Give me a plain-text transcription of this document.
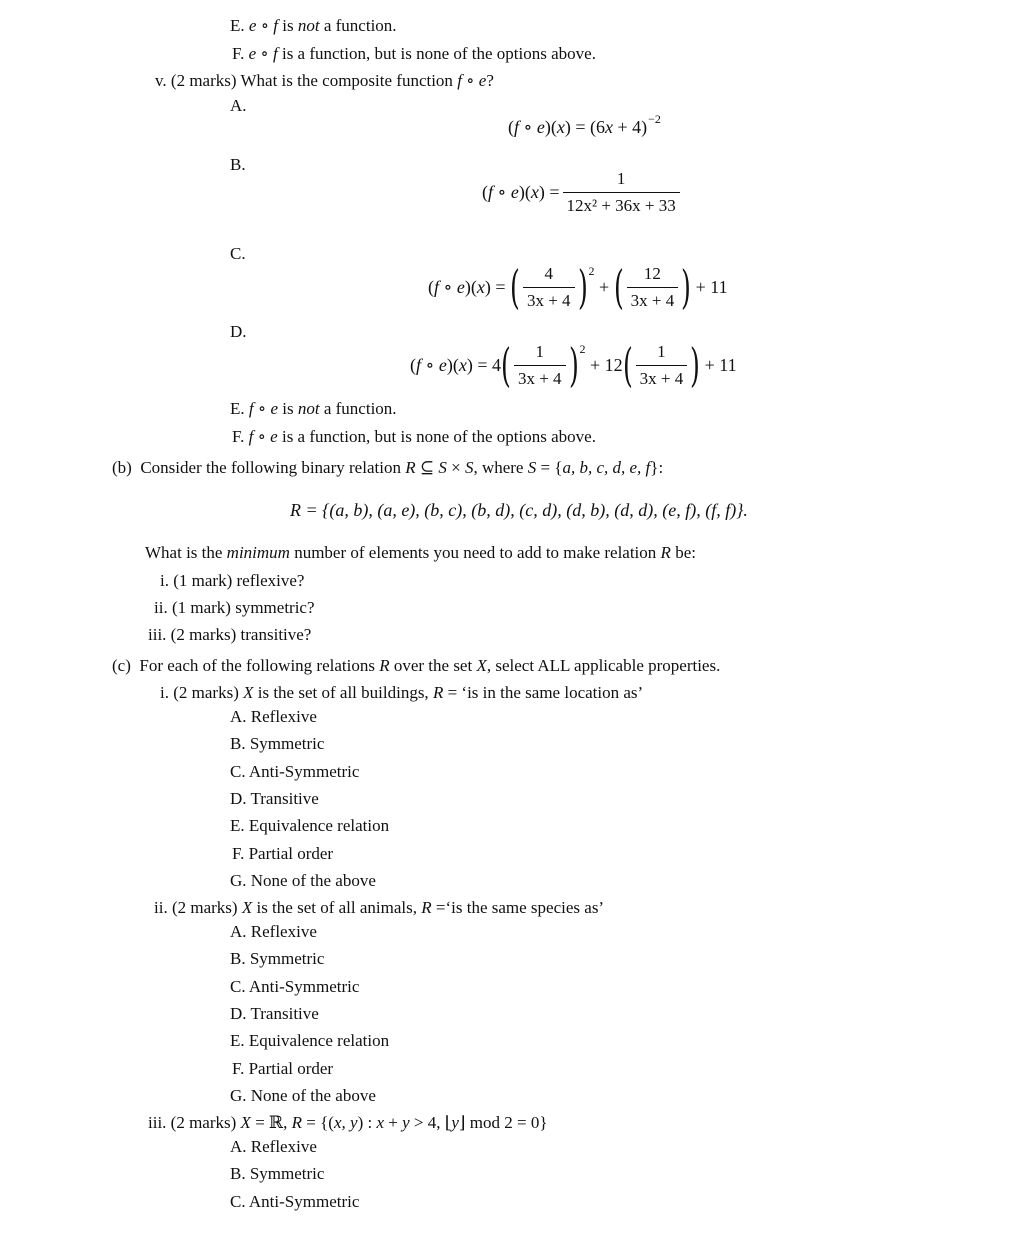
E. e ∘ f is not a function.
F. e ∘ f is a function, but is none of the options above.
v. (2 marks) What is the composite function f ∘ e?
A.
( f ∘ e )( x ) = (6 x + 4) −2
B.
( f ∘ e )( x ) = $\frac{1}{\text{12x² + 36x + 33}}$
C.
( f ∘ e )( x ) = ( $\frac{4}{3x + 4}$ ) 2
+ ( $\frac{12}{3x + 4}$ )
+ 11
D.
( f ∘ e )( x ) = 4 ( $\frac{1}{3x + 4}$ ) 2

+ 12 ( $\frac{1}{3x + 4}$ )
+ 11
E. f ∘ e is not a function.
F. f ∘ e is a function, but is none of the options above.
(b) Consider the following binary relation R ⊆ S × S, where S = {a, b, c, d, e, f}:
R = {(a, b), (a, e), (b, c), (b, d), (c, d), (d, b), (d, d), (e, f), (f, f)}.
What is the minimum number of elements you need to add to make relation R be:
i. (1 mark) reflexive?
ii. (1 mark) symmetric?
iii. (2 marks) transitive?
(c)  For each of the following relations R over the set X, select ALL applicable properties.
i. (2 marks) X is the set of all buildings, R = ‘is in the same location as’
A. Reflexive
B. Symmetric
C. Anti-Symmetric
D. Transitive
E. Equivalence relation
F. Partial order
G. None of the above
ii. (2 marks) X is the set of all animals, R =‘is the same species as’
A. Reflexive
B. Symmetric
C. Anti-Symmetric
D. Transitive
E. Equivalence relation
F. Partial order
G. None of the above
iii. (2 marks) X = ℝ, R = {(x, y) : x + y > 4, ⌊y⌋ mod 2 = 0}
A. Reflexive
B. Symmetric
C. Anti-Symmetric
